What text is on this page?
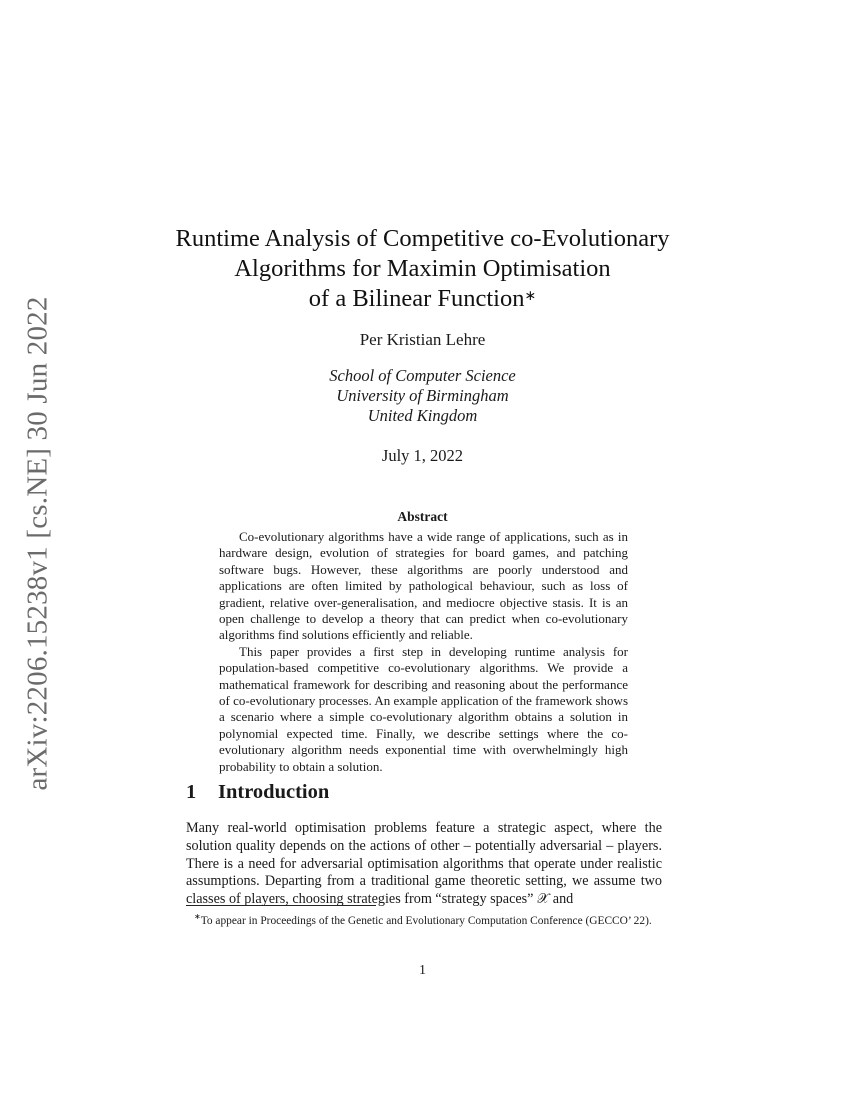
arXiv:2206.15238v1 [cs.NE] 30 Jun 2022
Runtime Analysis of Competitive co-Evolutionary
Algorithms for Maximin Optimisation
of a Bilinear Function∗
Per Kristian Lehre
School of Computer Science
University of Birmingham
United Kingdom
July 1, 2022
Abstract

Co-evolutionary algorithms have a wide range of applications, such as in hardware design, evolution of strategies for board games, and patching software bugs. However, these algorithms are poorly understood and applications are often limited by pathological behaviour, such as loss of gradient, relative over-generalisation, and mediocre objective stasis. It is an open challenge to develop a theory that can predict when co-evolutionary algorithms find solutions efficiently and reliable.

This paper provides a first step in developing runtime analysis for population-based competitive co-evolutionary algorithms. We provide a mathematical framework for describing and reasoning about the performance of co-evolutionary processes. An example application of the framework shows a scenario where a simple co-evolutionary algorithm obtains a solution in polynomial expected time. Finally, we describe settings where the co-evolutionary algorithm needs exponential time with overwhelmingly high probability to obtain a solution.

1 Introduction

Many real-world optimisation problems feature a strategic aspect, where the solution quality depends on the actions of other – potentially adversarial – players. There is a need for adversarial optimisation algorithms that operate under realistic assumptions. Departing from a traditional game theoretic setting, we assume two classes of players, choosing strategies from “strategy spaces” 𝒳 and

∗To appear in Proceedings of the Genetic and Evolutionary Computation Conference (GECCO’ 22).

1
